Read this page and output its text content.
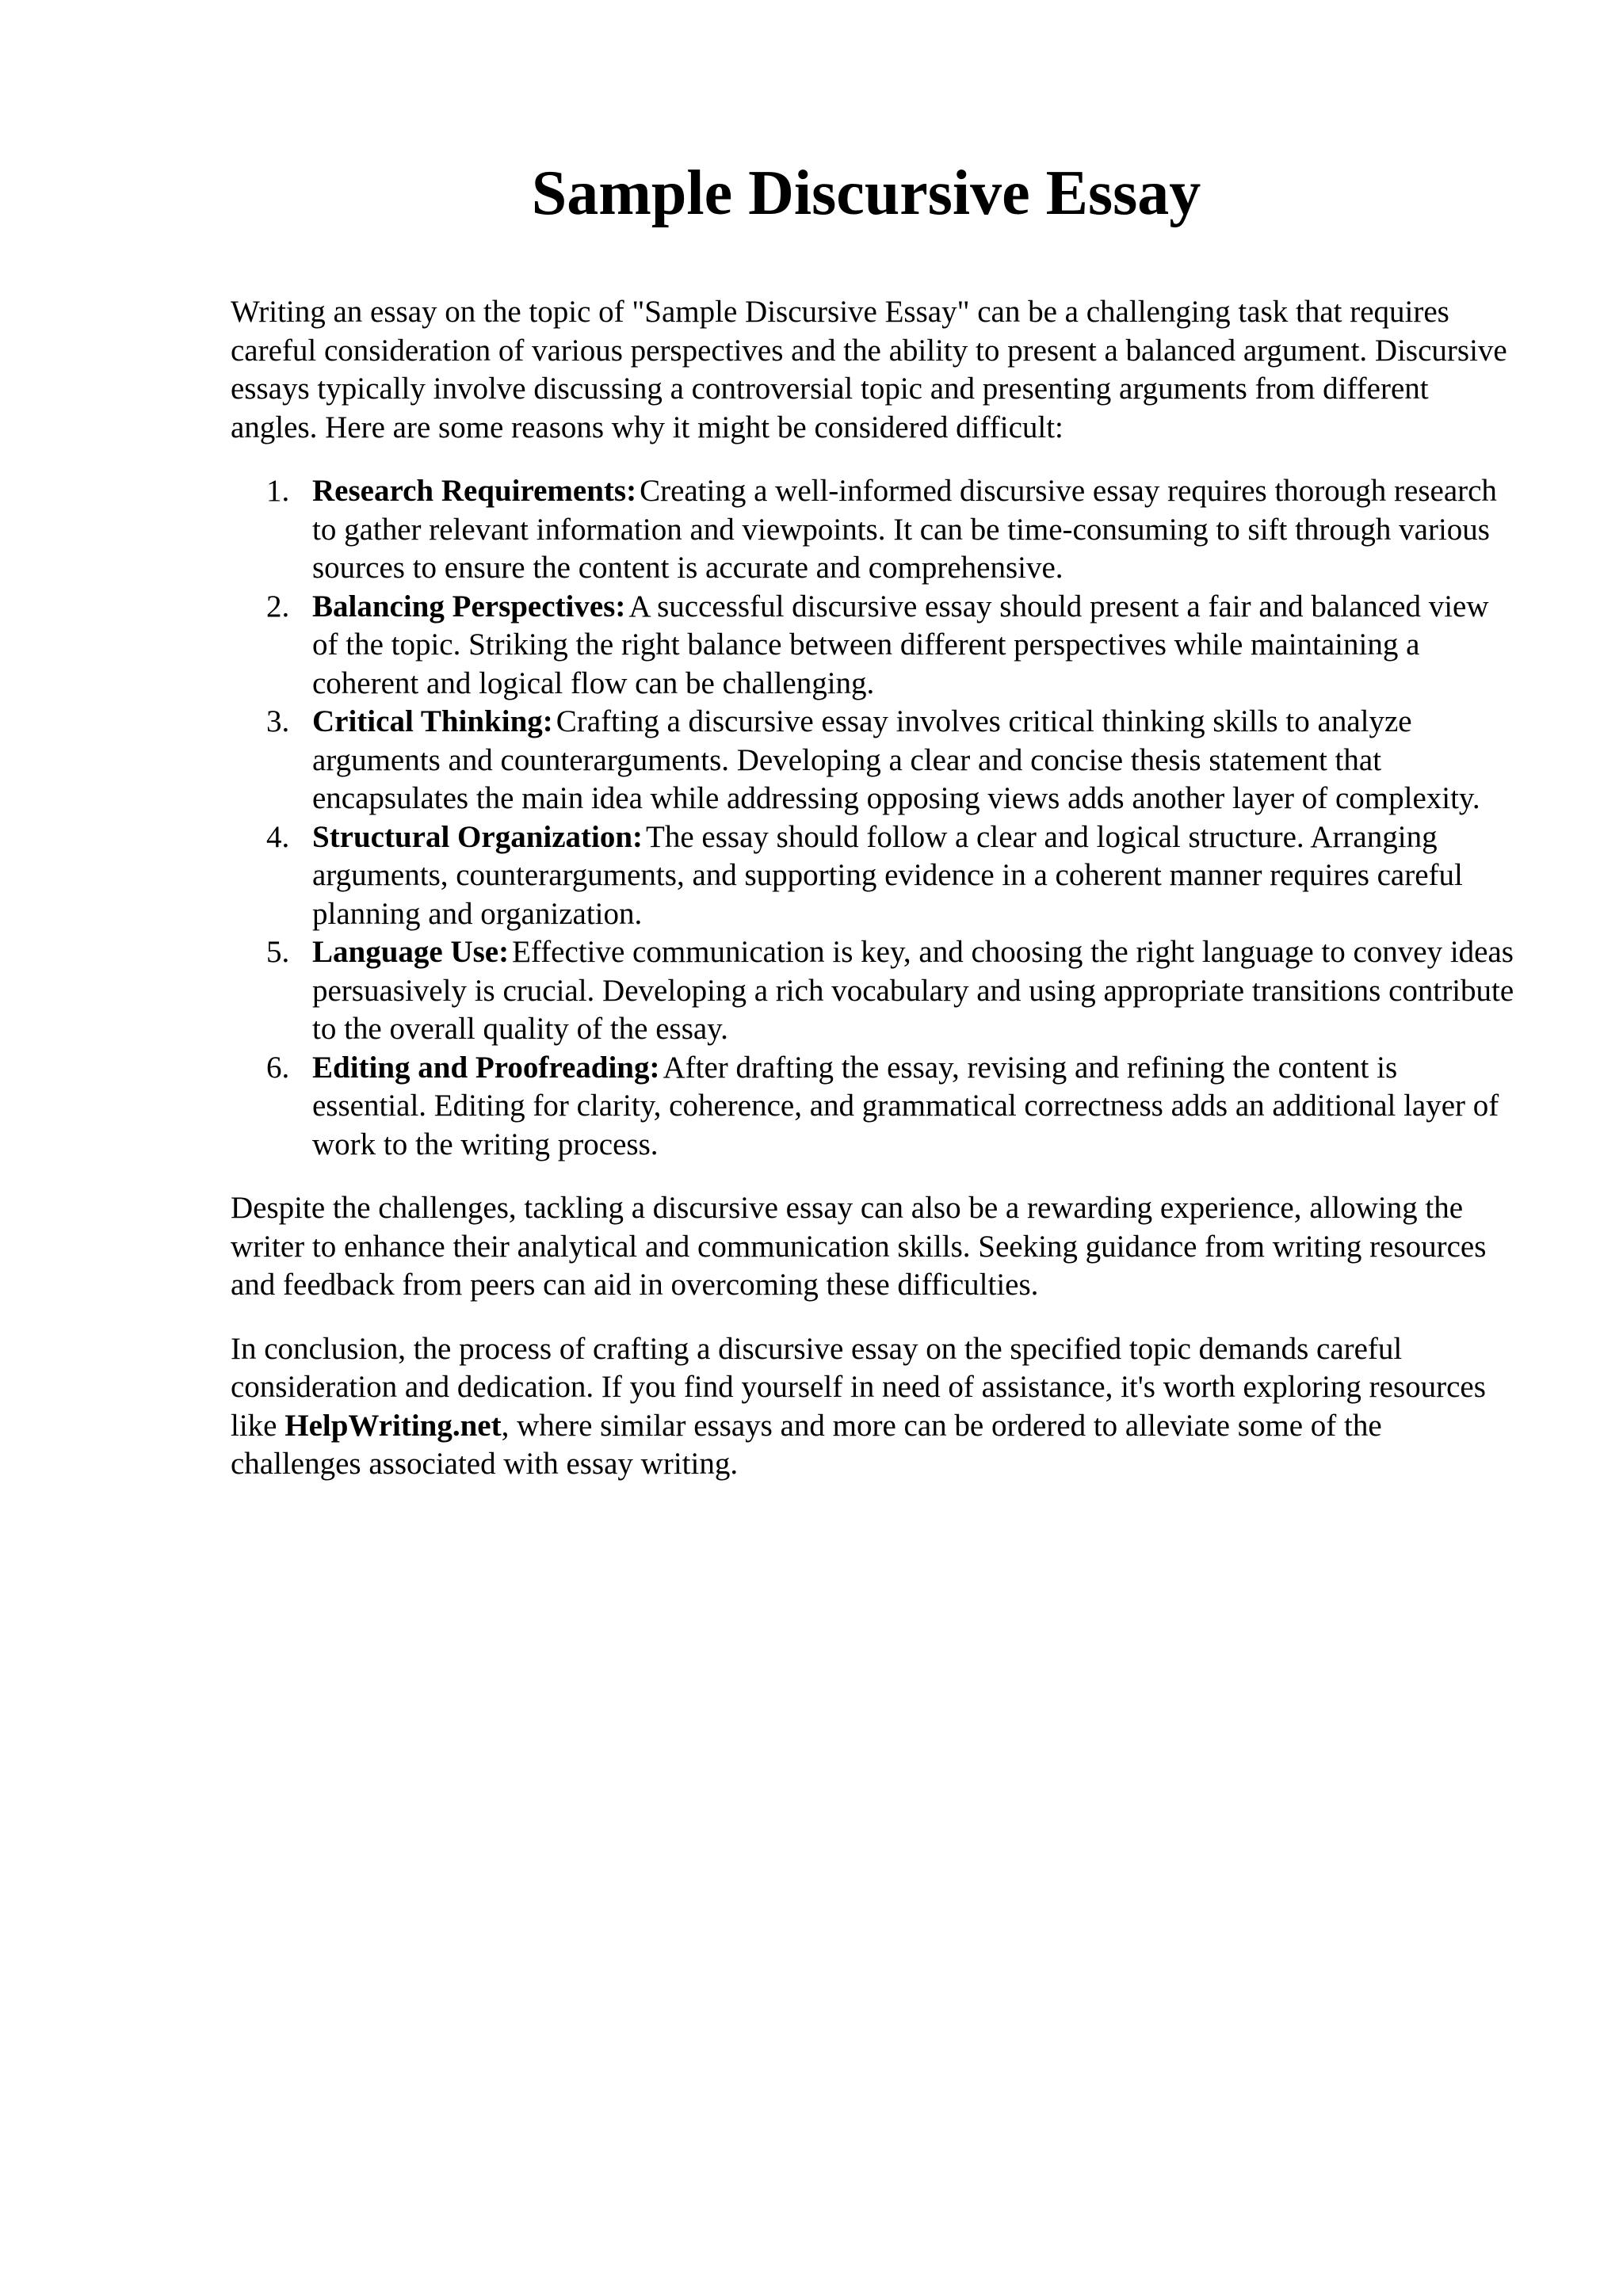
Sample Discursive Essay

Writing an essay on the topic of "Sample Discursive Essay" can be a challenging task that requires careful consideration of various perspectives and the ability to present a balanced argument. Discursive essays typically involve discussing a controversial topic and presenting arguments from different angles. Here are some reasons why it might be considered difficult:

1. Research Requirements: Creating a well-informed discursive essay requires thorough research to gather relevant information and viewpoints. It can be time-consuming to sift through various sources to ensure the content is accurate and comprehensive.
2. Balancing Perspectives: A successful discursive essay should present a fair and balanced view of the topic. Striking the right balance between different perspectives while maintaining a coherent and logical flow can be challenging.
3. Critical Thinking: Crafting a discursive essay involves critical thinking skills to analyze arguments and counterarguments. Developing a clear and concise thesis statement that encapsulates the main idea while addressing opposing views adds another layer of complexity.
4. Structural Organization: The essay should follow a clear and logical structure. Arranging arguments, counterarguments, and supporting evidence in a coherent manner requires careful planning and organization.
5. Language Use: Effective communication is key, and choosing the right language to convey ideas persuasively is crucial. Developing a rich vocabulary and using appropriate transitions contribute to the overall quality of the essay.
6. Editing and Proofreading: After drafting the essay, revising and refining the content is essential. Editing for clarity, coherence, and grammatical correctness adds an additional layer of work to the writing process.

Despite the challenges, tackling a discursive essay can also be a rewarding experience, allowing the writer to enhance their analytical and communication skills. Seeking guidance from writing resources and feedback from peers can aid in overcoming these difficulties.

In conclusion, the process of crafting a discursive essay on the specified topic demands careful consideration and dedication. If you find yourself in need of assistance, it's worth exploring resources like HelpWriting.net, where similar essays and more can be ordered to alleviate some of the challenges associated with essay writing.
